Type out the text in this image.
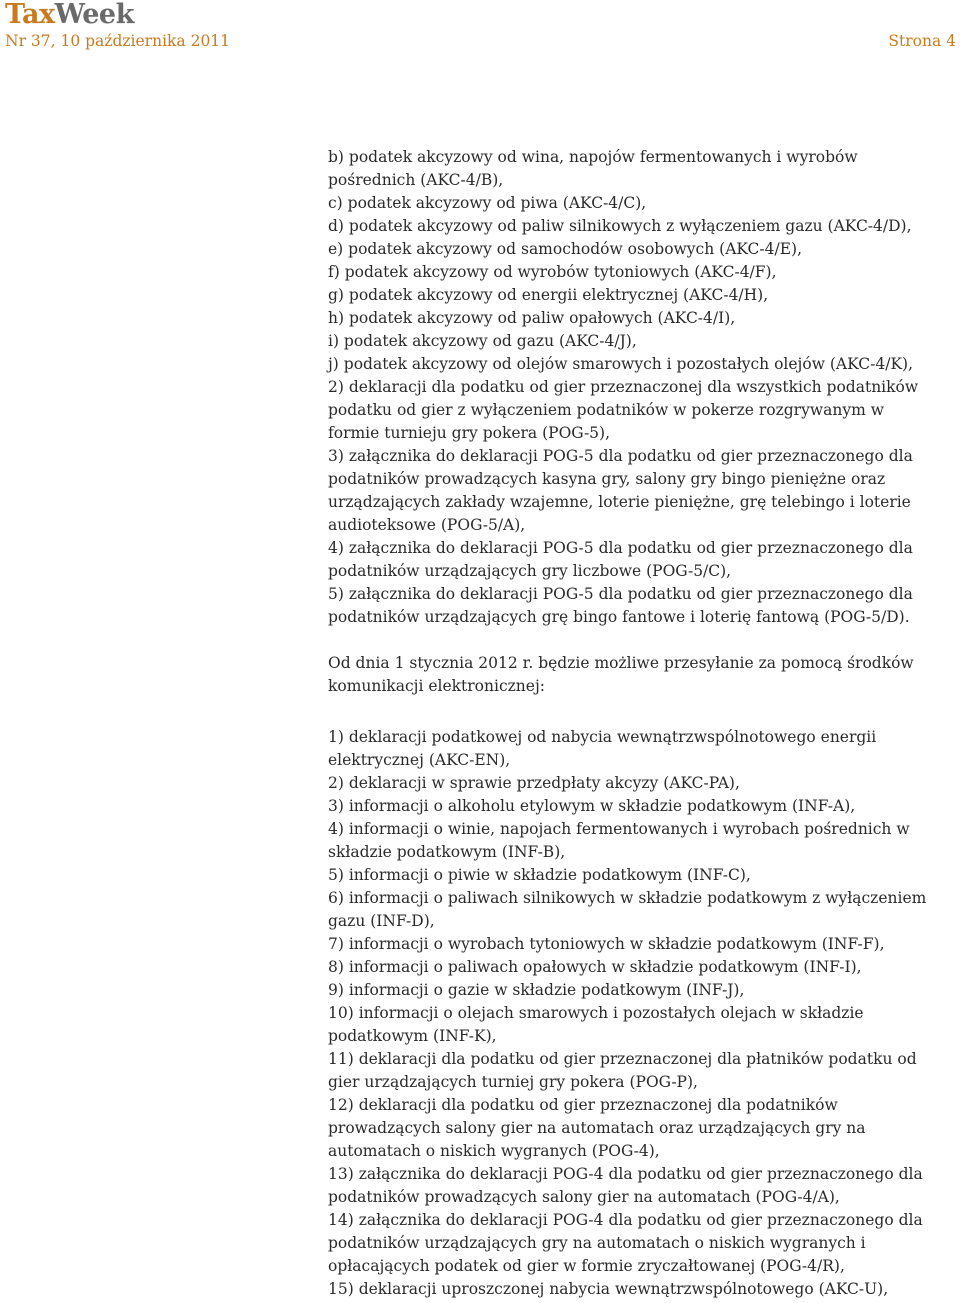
TaxWeek
Nr 37, 10 października 2011	Strona 4

b) podatek akcyzowy od wina, napojów fermentowanych i wyrobów

pośrednich (AKC-4/B),

c) podatek akcyzowy od piwa (AKC-4/C),

d) podatek akcyzowy od paliw silnikowych z wyłączeniem gazu (AKC-4/D),

e) podatek akcyzowy od samochodów osobowych (AKC-4/E),

f) podatek akcyzowy od wyrobów tytoniowych (AKC-4/F),

g) podatek akcyzowy od energii elektrycznej (AKC-4/H),

h) podatek akcyzowy od paliw opałowych (AKC-4/I),

i) podatek akcyzowy od gazu (AKC-4/J),

j) podatek akcyzowy od olejów smarowych i pozostałych olejów (AKC-4/K),

2) deklaracji dla podatku od gier przeznaczonej dla wszystkich podatników

podatku od gier z wyłączeniem podatników w pokerze rozgrywanym w

formie turnieju gry pokera (POG-5),

3) załącznika do deklaracji POG-5 dla podatku od gier przeznaczonego dla

podatników prowadzących kasyna gry, salony gry bingo pieniężne oraz

urządzających zakłady wzajemne, loterie pieniężne, grę telebingo i loterie

audioteksowe (POG-5/A),

4) załącznika do deklaracji POG-5 dla podatku od gier przeznaczonego dla

podatników urządzających gry liczbowe (POG-5/C),

5) załącznika do deklaracji POG-5 dla podatku od gier przeznaczonego dla

podatników urządzających grę bingo fantowe i loterię fantową (POG-5/D).

Od dnia 1 stycznia 2012 r. będzie możliwe przesyłanie za pomocą środków

komunikacji elektronicznej:

1) deklaracji podatkowej od nabycia wewnątrzwspólnotowego energii

elektrycznej (AKC-EN),

2) deklaracji w sprawie przedpłaty akcyzy (AKC-PA),

3) informacji o alkoholu etylowym w składzie podatkowym (INF-A),

4) informacji o winie, napojach fermentowanych i wyrobach pośrednich w

składzie podatkowym (INF-B),

5) informacji o piwie w składzie podatkowym (INF-C),

6) informacji o paliwach silnikowych w składzie podatkowym z wyłączeniem

gazu (INF-D),

7) informacji o wyrobach tytoniowych w składzie podatkowym (INF-F),

8) informacji o paliwach opałowych w składzie podatkowym (INF-I),

9) informacji o gazie w składzie podatkowym (INF-J),

10) informacji o olejach smarowych i pozostałych olejach w składzie

podatkowym (INF-K),

11) deklaracji dla podatku od gier przeznaczonej dla płatników podatku od

gier urządzających turniej gry pokera (POG-P),

12) deklaracji dla podatku od gier przeznaczonej dla podatników

prowadzących salony gier na automatach oraz urządzających gry na

automatach o niskich wygranych (POG-4),

13) załącznika do deklaracji POG-4 dla podatku od gier przeznaczonego dla

podatników prowadzących salony gier na automatach (POG-4/A),

14) załącznika do deklaracji POG-4 dla podatku od gier przeznaczonego dla

podatników urządzających gry na automatach o niskich wygranych i

opłacających podatek od gier w formie zryczałtowanej (POG-4/R),

15) deklaracji uproszczonej nabycia wewnątrzwspólnotowego (AKC-U),
